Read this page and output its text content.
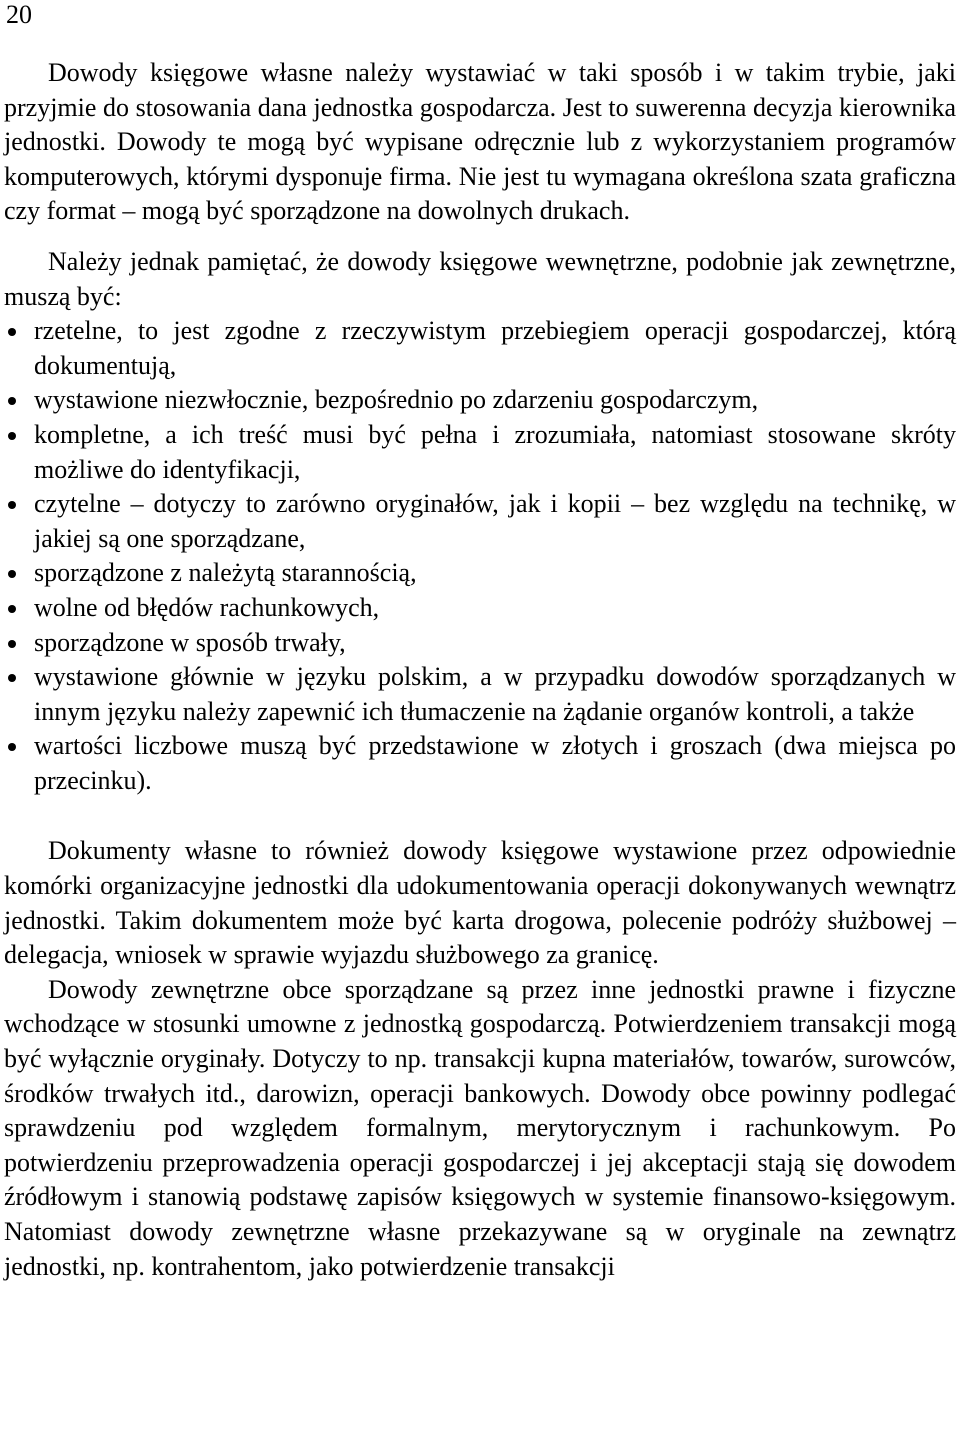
20

Dowody księgowe własne należy wystawiać w taki sposób i w takim trybie, jaki przyjmie do stosowania dana jednostka gospodarcza. Jest to suwerenna decyzja kierownika jednostki. Dowody te mogą być wypisane odręcznie lub z wykorzystaniem programów komputerowych, którymi dysponuje firma. Nie jest tu wymagana określona szata graficzna czy format – mogą być sporządzone na dowolnych drukach.

Należy jednak pamiętać, że dowody księgowe wewnętrzne, podobnie jak zewnętrzne, muszą być:

rzetelne, to jest zgodne z rzeczywistym przebiegiem operacji gospodarczej, którą dokumentują,
wystawione niezwłocznie, bezpośrednio po zdarzeniu gospodarczym,
kompletne, a ich treść musi być pełna i zrozumiała, natomiast stosowane skróty możliwe do identyfikacji,
czytelne – dotyczy to zarówno oryginałów, jak i kopii – bez względu na technikę, w jakiej są one sporządzane,
sporządzone z należytą starannością,
wolne od błędów rachunkowych,
sporządzone w sposób trwały,
wystawione głównie w języku polskim, a w przypadku dowodów sporządzanych w innym języku należy zapewnić ich tłumaczenie na żądanie organów kontroli, a także
wartości liczbowe muszą być przedstawione w złotych i groszach (dwa miejsca po przecinku).

Dokumenty własne to również dowody księgowe wystawione przez odpowiednie komórki organizacyjne jednostki dla udokumentowania operacji dokonywanych wewnątrz jednostki. Takim dokumentem może być karta drogowa, polecenie podróży służbowej – delegacja, wniosek w sprawie wyjazdu służbowego za granicę.

Dowody zewnętrzne obce sporządzane są przez inne jednostki prawne i fizyczne wchodzące w stosunki umowne z jednostką gospodarczą. Potwierdzeniem transakcji mogą być wyłącznie oryginały. Dotyczy to np. transakcji kupna materiałów, towarów, surowców, środków trwałych itd., darowizn, operacji bankowych. Dowody obce powinny podlegać sprawdzeniu pod względem formalnym, merytorycznym i rachunkowym. Po potwierdzeniu przeprowadzenia operacji gospodarczej i jej akceptacji stają się dowodem źródłowym i stanowią podstawę zapisów księgowych w systemie finansowo-księgowym. Natomiast dowody zewnętrzne własne przekazywane są w oryginale na zewnątrz jednostki, np. kontrahentom, jako potwierdzenie transakcji
